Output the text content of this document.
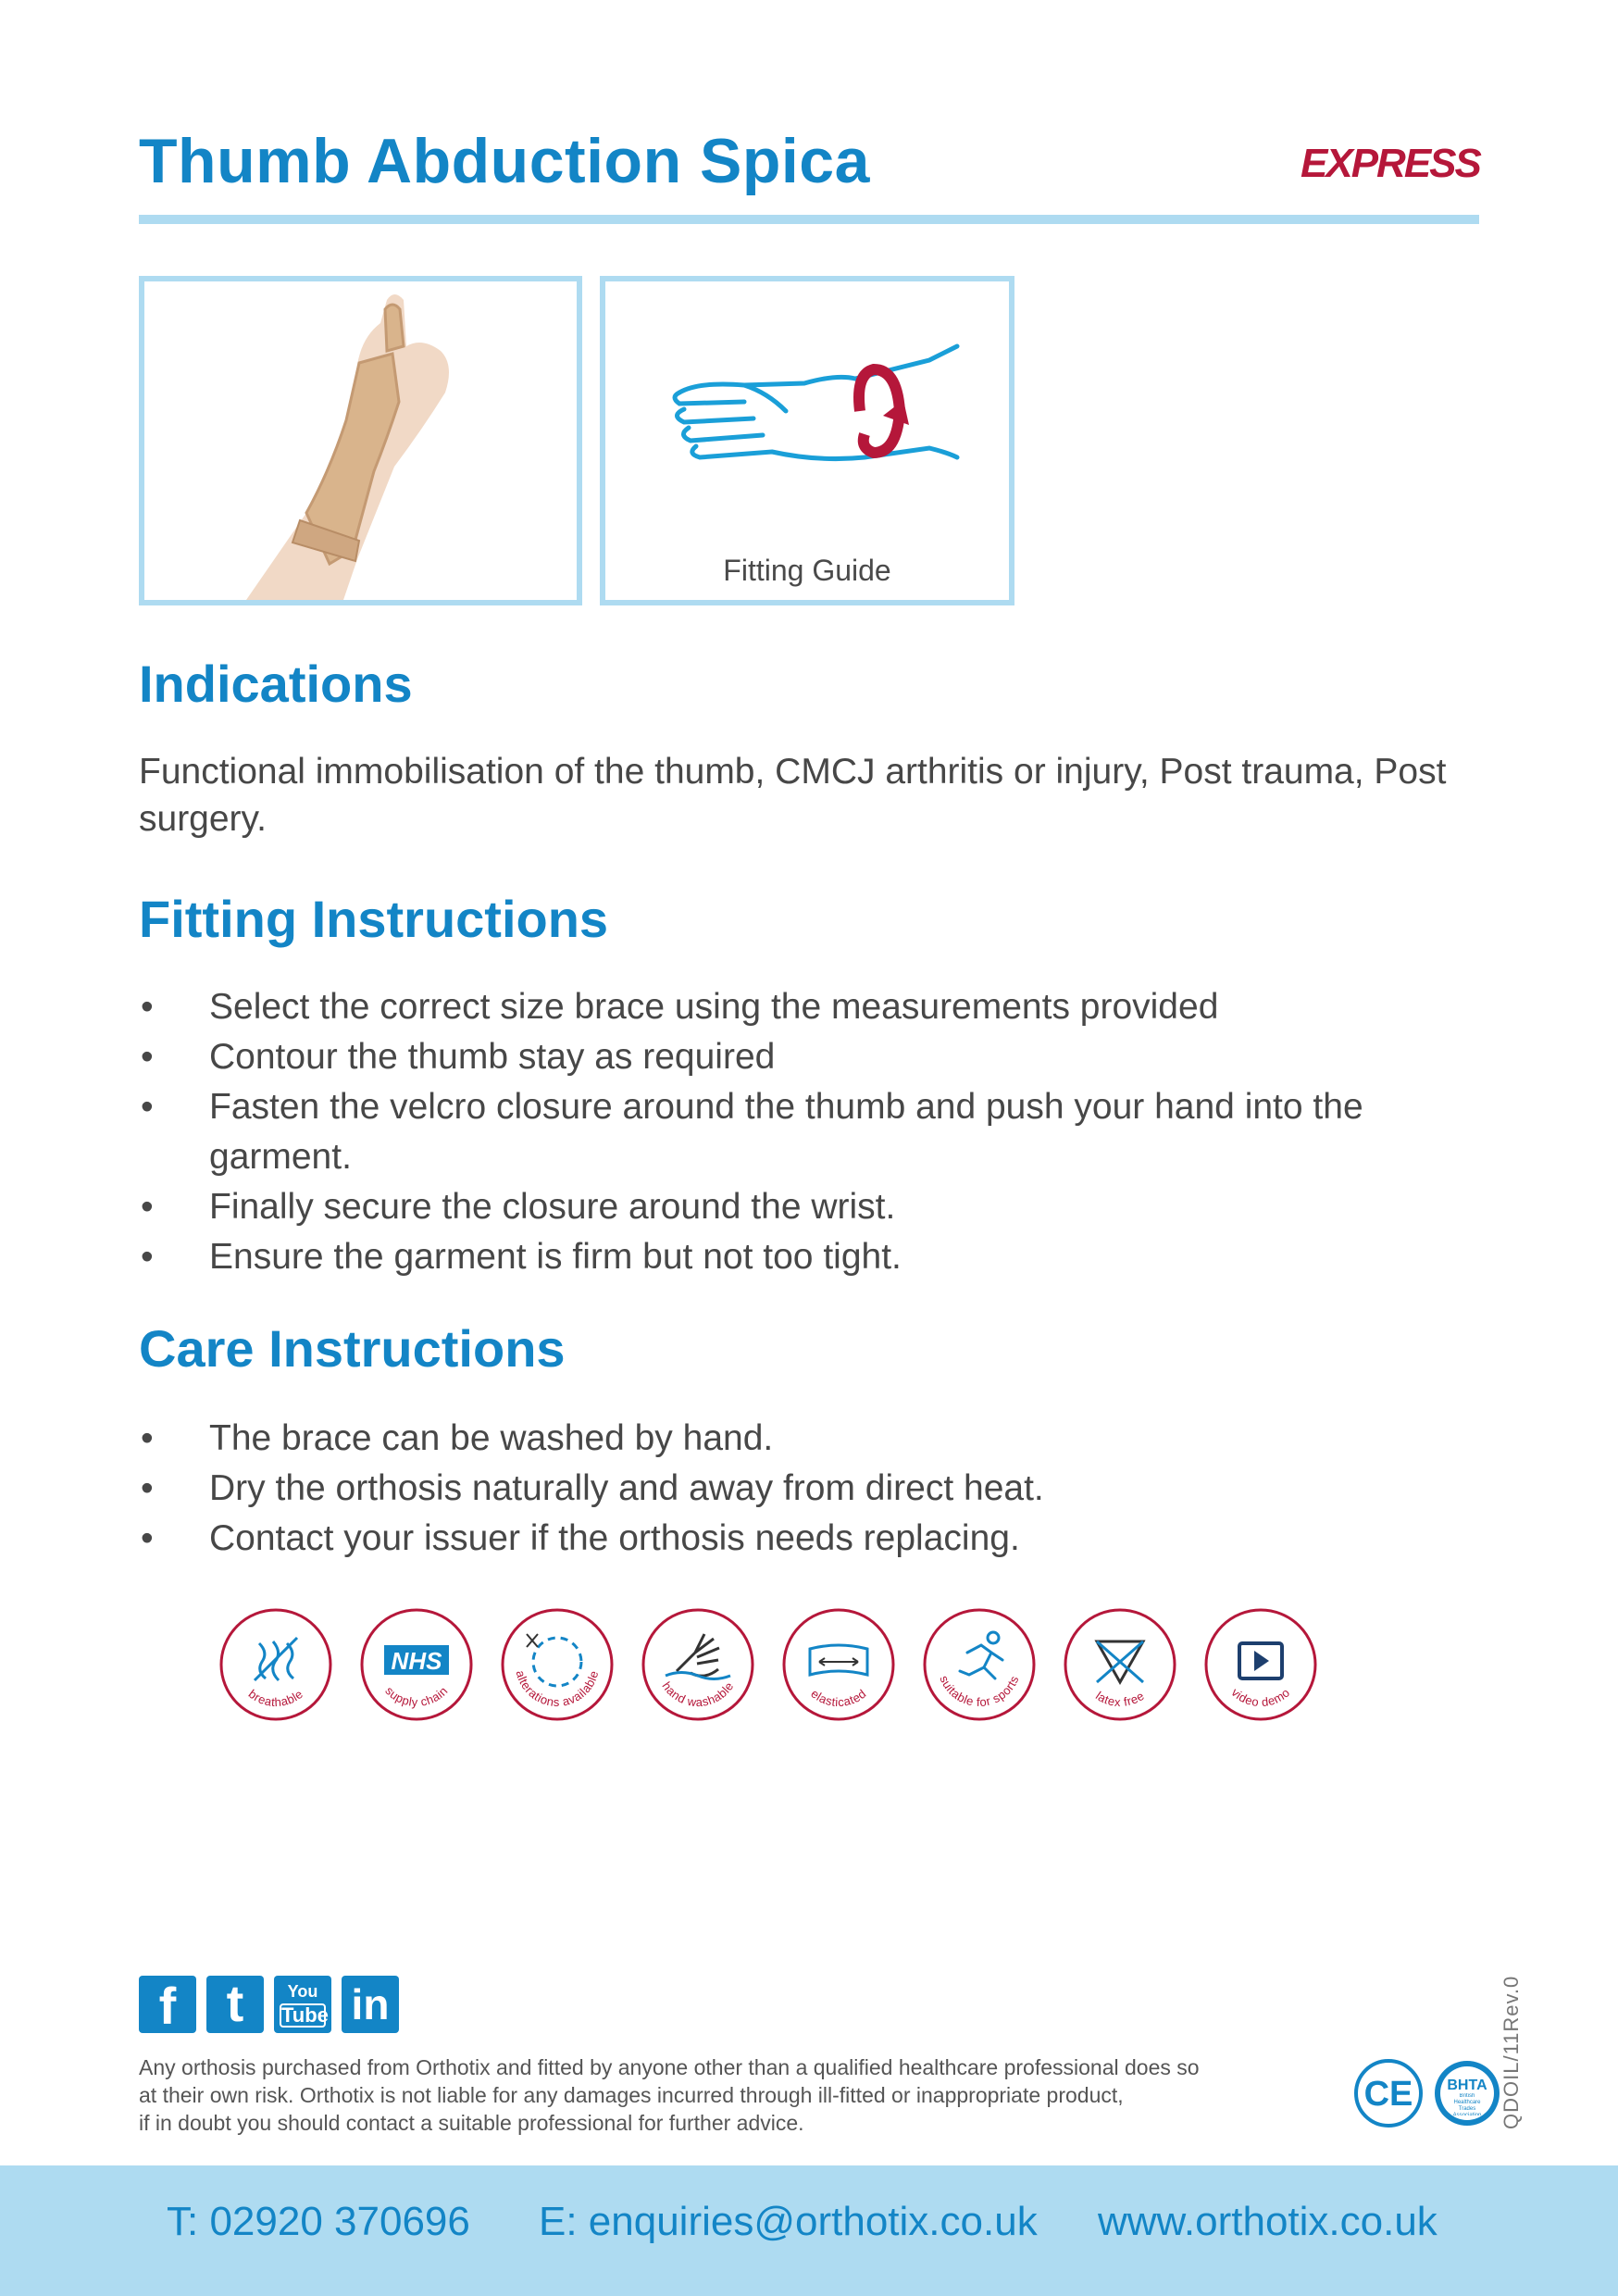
Thumb Abduction Spica	EXPRESS
Fitting Guide
Indications

Functional immobilisation of the thumb, CMCJ arthritis or injury, Post trauma, Post surgery.

Fitting Instructions
• Select the correct size brace using the measurements provided
• Contour the thumb stay as required
• Fasten the velcro closure around the thumb and push your hand into the garment.
• Finally secure the closure around the wrist.
• Ensure the garment is firm but not too tight.
Care Instructions
• The brace can be washed by hand.
• Dry the orthosis naturally and away from direct heat.
• Contact your issuer if the orthosis needs replacing.
breathable
NHS
supply chain
alterations available
hand washable
elasticated
suitable for sports
latex free	video demo
f t	You
Tube in
Any orthosis purchased from Orthotix and fitted by anyone other than a qualified healthcare professional does so
at their own risk. Orthotix is not liable for any damages incurred through ill-fitted or inappropriate product,
if in doubt you should contact a suitable professional for further advice.
CE BHTA
British Healthcare Trades Association QDOIL/11Rev.0
T: 02920 370696 E: enquiries@orthotix.co.uk www.orthotix.co.uk
